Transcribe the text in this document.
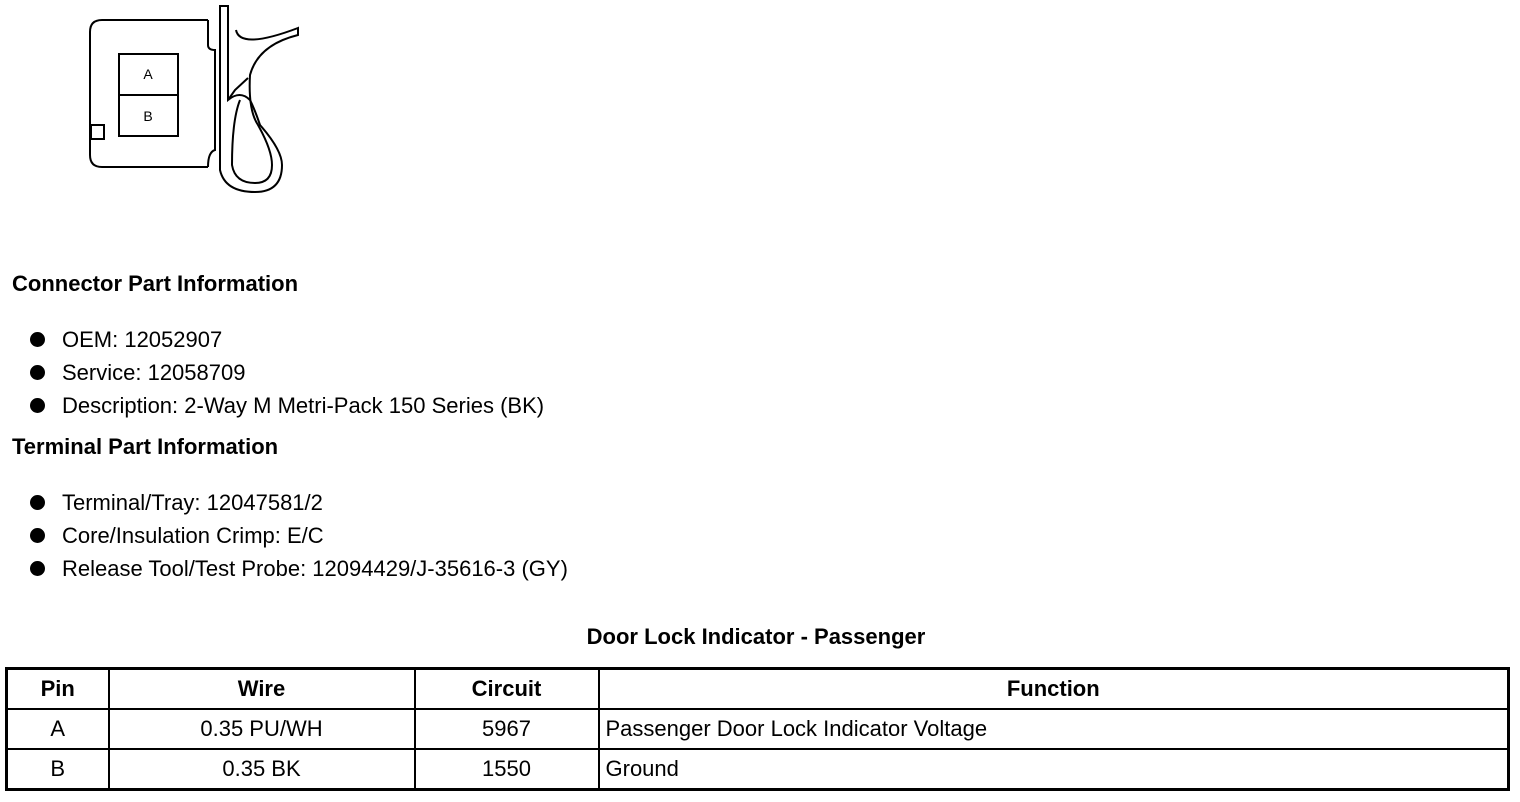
A
B
Connector Part Information
OEM: 12052907
Service: 12058709
Description: 2-Way M Metri-Pack 150 Series (BK)
Terminal Part Information
Terminal/Tray: 12047581/2
Core/Insulation Crimp: E/C
Release Tool/Test Probe: 12094429/J-35616-3 (GY)
Door Lock Indicator - Passenger
Pin	Wire	Circuit	Function
A	0.35 PU/WH	5967	Passenger Door Lock Indicator Voltage
B	0.35 BK	1550	Ground
